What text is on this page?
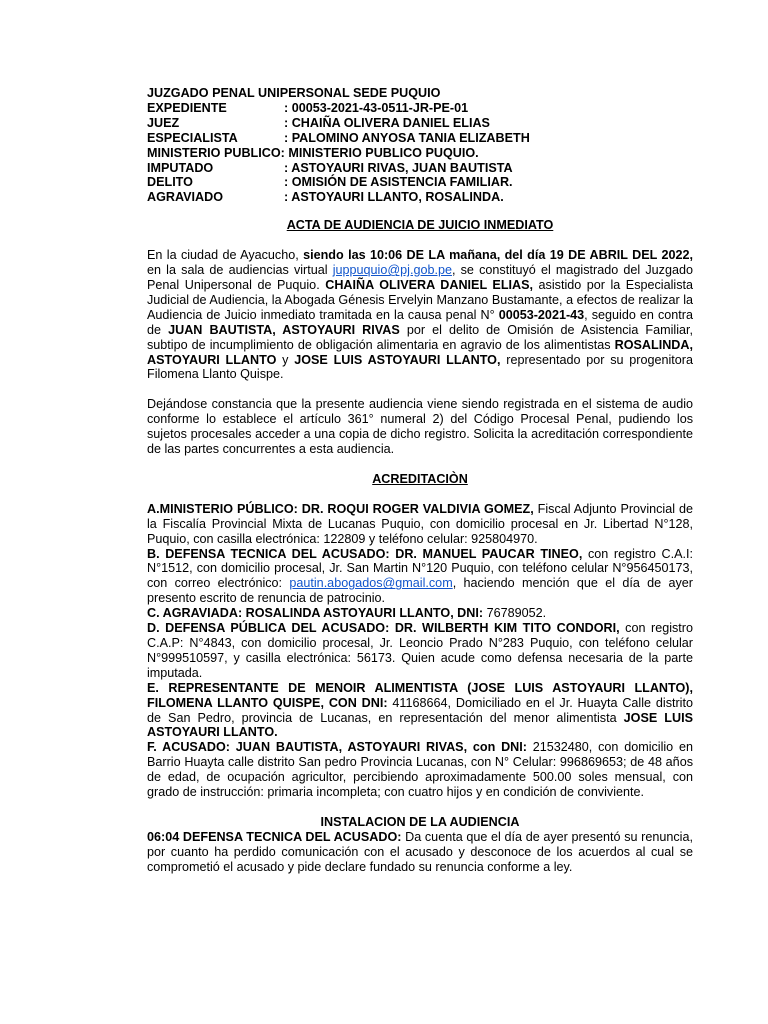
JUZGADO PENAL UNIPERSONAL SEDE PUQUIO
EXPEDIENTE	: 00053-2021-43-0511-JR-PE-01
JUEZ	: CHAIÑA OLIVERA DANIEL ELIAS
ESPECIALISTA	: PALOMINO ANYOSA TANIA ELIZABETH
MINISTERIO PUBLICO: MINISTERIO PUBLICO PUQUIO.
IMPUTADO	: ASTOYAURI RIVAS, JUAN BAUTISTA
DELITO	: OMISIÓN DE ASISTENCIA FAMILIAR.
AGRAVIADO	: ASTOYAURI LLANTO, ROSALINDA.
ACTA DE AUDIENCIA DE JUICIO INMEDIATO

En la ciudad de Ayacucho, siendo las 10:06 DE LA mañana, del día 19 DE ABRIL DEL 2022, en la sala de audiencias virtual juppuquio@pj.gob.pe, se constituyó el magistrado del Juzgado Penal Unipersonal de Puquio. CHAIÑA OLIVERA DANIEL ELIAS, asistido por la Especialista Judicial de Audiencia, la Abogada Génesis Ervelyin Manzano Bustamante, a efectos de realizar la Audiencia de Juicio inmediato tramitada en la causa penal N° 00053-2021-43, seguido en contra de JUAN BAUTISTA, ASTOYAURI RIVAS por el delito de Omisión de Asistencia Familiar, subtipo de incumplimiento de obligación alimentaria en agravio de los alimentistas ROSALINDA, ASTOYAURI LLANTO y JOSE LUIS ASTOYAURI LLANTO, representado por su progenitora Filomena Llanto Quispe.

Dejándose constancia que la presente audiencia viene siendo registrada en el sistema de audio conforme lo establece el artículo 361° numeral 2) del Código Procesal Penal, pudiendo los sujetos procesales acceder a una copia de dicho registro. Solicita la acreditación correspondiente de las partes concurrentes a esta audiencia.

ACREDITACIÒN

A.MINISTERIO PÚBLICO: DR. ROQUI ROGER VALDIVIA GOMEZ, Fiscal Adjunto Provincial de la Fiscalía Provincial Mixta de Lucanas Puquio, con domicilio procesal en Jr. Libertad N°128, Puquio, con casilla electrónica: 122809 y teléfono celular: 925804970.

B. DEFENSA TECNICA DEL ACUSADO: DR. MANUEL PAUCAR TINEO, con registro C.A.I: N°1512, con domicilio procesal, Jr. San Martin N°120 Puquio, con teléfono celular N°956450173, con correo electrónico: pautin.abogados@gmail.com, haciendo mención que el día de ayer presento escrito de renuncia de patrocinio.

C. AGRAVIADA: ROSALINDA ASTOYAURI LLANTO, DNI: 76789052.

D. DEFENSA PÚBLICA DEL ACUSADO: DR. WILBERTH KIM TITO CONDORI, con registro C.A.P: N°4843, con domicilio procesal, Jr. Leoncio Prado N°283 Puquio, con teléfono celular N°999510597, y casilla electrónica: 56173. Quien acude como defensa necesaria de la parte imputada.

E. REPRESENTANTE DE MENOIR ALIMENTISTA (JOSE LUIS ASTOYAURI LLANTO), FILOMENA LLANTO QUISPE, CON DNI: 41168664, Domiciliado en el Jr. Huayta Calle distrito de San Pedro, provincia de Lucanas, en representación del menor alimentista JOSE LUIS ASTOYAURI LLANTO.

F. ACUSADO: JUAN BAUTISTA, ASTOYAURI RIVAS, con DNI: 21532480, con domicilio en Barrio Huayta calle distrito San pedro Provincia Lucanas, con N° Celular: 996869653; de 48 años de edad, de ocupación agricultor, percibiendo aproximadamente 500.00 soles mensual, con grado de instrucción: primaria incompleta; con cuatro hijos y en condición de conviviente.

INSTALACION DE LA AUDIENCIA

06:04 DEFENSA TECNICA DEL ACUSADO: Da cuenta que el día de ayer presentó su renuncia, por cuanto ha perdido comunicación con el acusado y desconoce de los acuerdos al cual se comprometió el acusado y pide declare fundado su renuncia conforme a ley.
